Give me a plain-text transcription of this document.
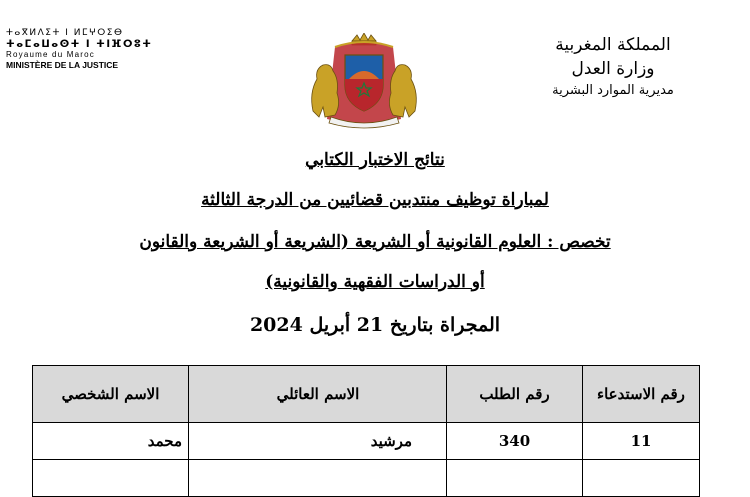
ⵜⴰⴳⵍⴷⵉⵜ ⵏ ⵍⵎⵖⵔⵉⴱ
ⵜⴰⵎⴰⵡⴰⵙⵜ ⵏ ⵜⵏⴼⵔⵓⵜ
Royaume du Maroc
MINISTÈRE DE LA JUSTICE
المملكة المغربية
وزارة العدل
مديرية الموارد البشرية
نتائج الاختبار الكتابي
لمباراة توظيف منتدبين قضائيين من الدرجة الثالثة
تخصص : العلوم القانونية أو الشريعة (الشريعة أو الشريعة والقانون
أو الدراسات الفقهية والقانونية)
المجراة بتاريخ 21 أبريل 2024
رقم الاستدعاء	رقم الطلب	الاسم العائلي	الاسم الشخصي
11	340	مرشيد	محمد
